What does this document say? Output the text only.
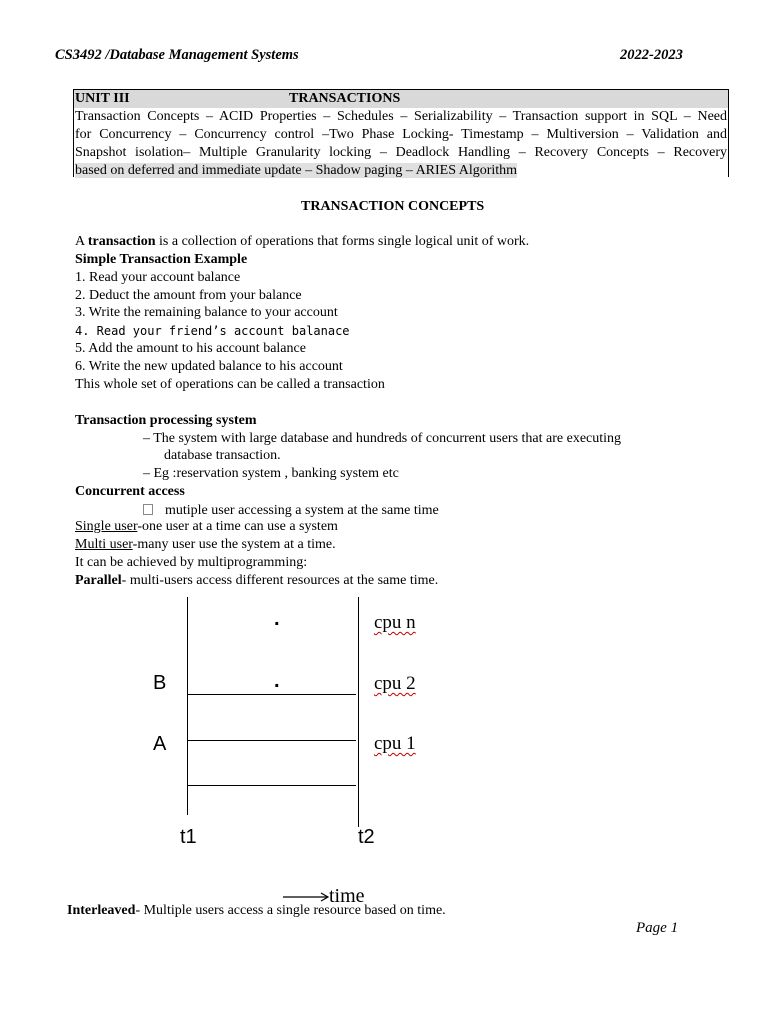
CS3492 /Database Management Systems	2022-2023
UNIT III	TRANSACTIONS
Transaction Concepts – ACID Properties – Schedules – Serializability – Transaction support in SQL – Need
for Concurrency – Concurrency control –Two Phase Locking- Timestamp – Multiversion – Validation and
Snapshot isolation– Multiple Granularity locking – Deadlock Handling – Recovery Concepts – Recovery
based on deferred and immediate update – Shadow paging – ARIES Algorithm
TRANSACTION CONCEPTS
A transaction is a collection of operations that forms single logical unit of work.
Simple Transaction Example
1. Read your account balance
2. Deduct the amount from your balance
3. Write the remaining balance to your account
4. Read your friend’s account balanace
5. Add the amount to his account balance
6. Write the new updated balance to his account
This whole set of operations can be called a transaction
Transaction processing system
– The system with large database and hundreds of concurrent users that are executing
database transaction.
– Eg :reservation system , banking system etc
Concurrent access
mutiple user accessing a system at the same time
Single user-one user at a time can use a system
Multi user-many user use the system at a time.
It can be achieved by multiprogramming:
Parallel- multi-users access different resources at the same time.
.
.
B
A
cpu n
cpu 2
cpu 1
t1	t2
time
Interleaved- Multiple users access a single resource based on time.
Page 1
